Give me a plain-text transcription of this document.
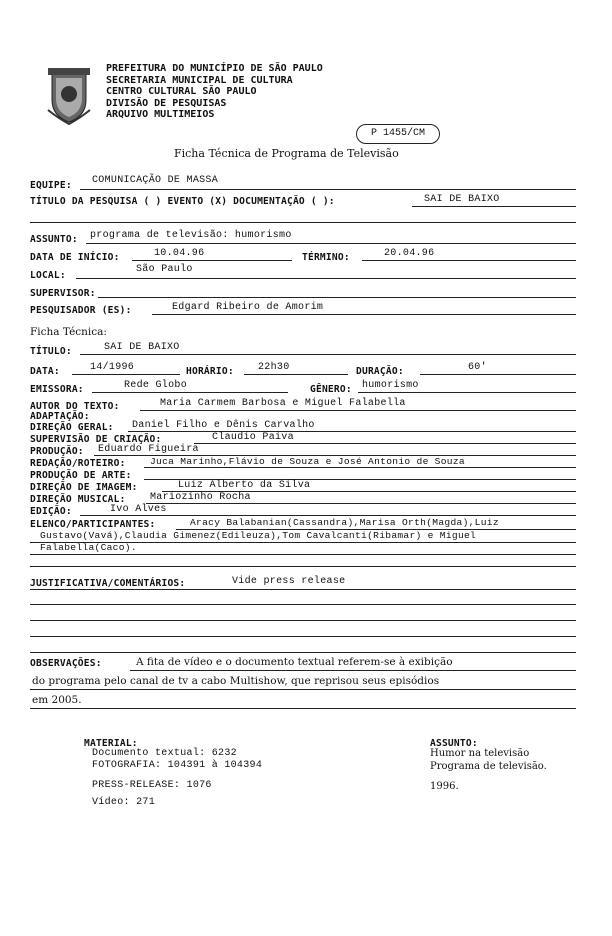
PREFEITURA DO MUNICÍPIO DE SÃO PAULO
SECRETARIA MUNICIPAL DE CULTURA
CENTRO CULTURAL SÃO PAULO
DIVISÃO DE PESQUISAS
ARQUIVO MULTIMEIOS
P 1455/CM
Ficha Técnica de Programa de Televisão
EQUIPE: COMUNICAÇÃO DE MASSA
TÍTULO DA PESQUISA ( ) EVENTO (X) DOCUMENTAÇÃO ( ):	SAI DE BAIXO
ASSUNTO: programa de televisão: humorismo
DATA DE INÍCIO:	10.04.96	TÉRMINO:	20.04.96
LOCAL:
São Paulo
SUPERVISOR:
PESQUISADOR (ES):	Edgard Ribeiro de Amorim
Ficha Técnica:
TÍTULO:	SAI DE BAIXO
DATA:	14/1996	HORÁRIO: 22h30	DURAÇÃO:	60'
EMISSORA:	Rede Globo	GÊNERO: humorismo
AUTOR DO TEXTO:	Maria Carmem Barbosa e Miguel Falabella
ADAPTAÇÃO:
DIREÇÃO GERAL: Daniel Filho e Dênis Carvalho
SUPERVISÃO DE CRIAÇÃO:	Claudio Paiva
PRODUÇÃO: Eduardo Figueira
REDAÇÃO/ROTEIRO:	Juca Marinho,Flávio de Souza e José Antonio de Souza
PRODUÇÃO DE ARTE:
DIREÇÃO DE IMAGEM:	Luiz Alberto da Silva
DIREÇÃO MUSICAL: Mariozinho Rocha
EDIÇÃO:	Ivo Alves
ELENCO/PARTICIPANTES:	Aracy Balabanian(Cassandra),Marisa Orth(Magda),Luiz
Gustavo(Vavá),Claudia Gimenez(Edileuza),Tom Cavalcanti(Ribamar) e Miguel
Falabella(Caco).
JUSTIFICATIVA/COMENTÁRIOS:	Vide press release
OBSERVAÇÕES:	A fita de vídeo e o documento textual referem-se à exibição
do programa pelo canal de tv a cabo Multishow, que reprisou seus episódios
em 2005.
MATERIAL:
Documento textual: 6232
FOTOGRAFIA: 104391 à 104394
PRESS-RELEASE: 1076
Vídeo: 271
ASSUNTO:
Humor na televisão
Programa de televisão.
1996.
